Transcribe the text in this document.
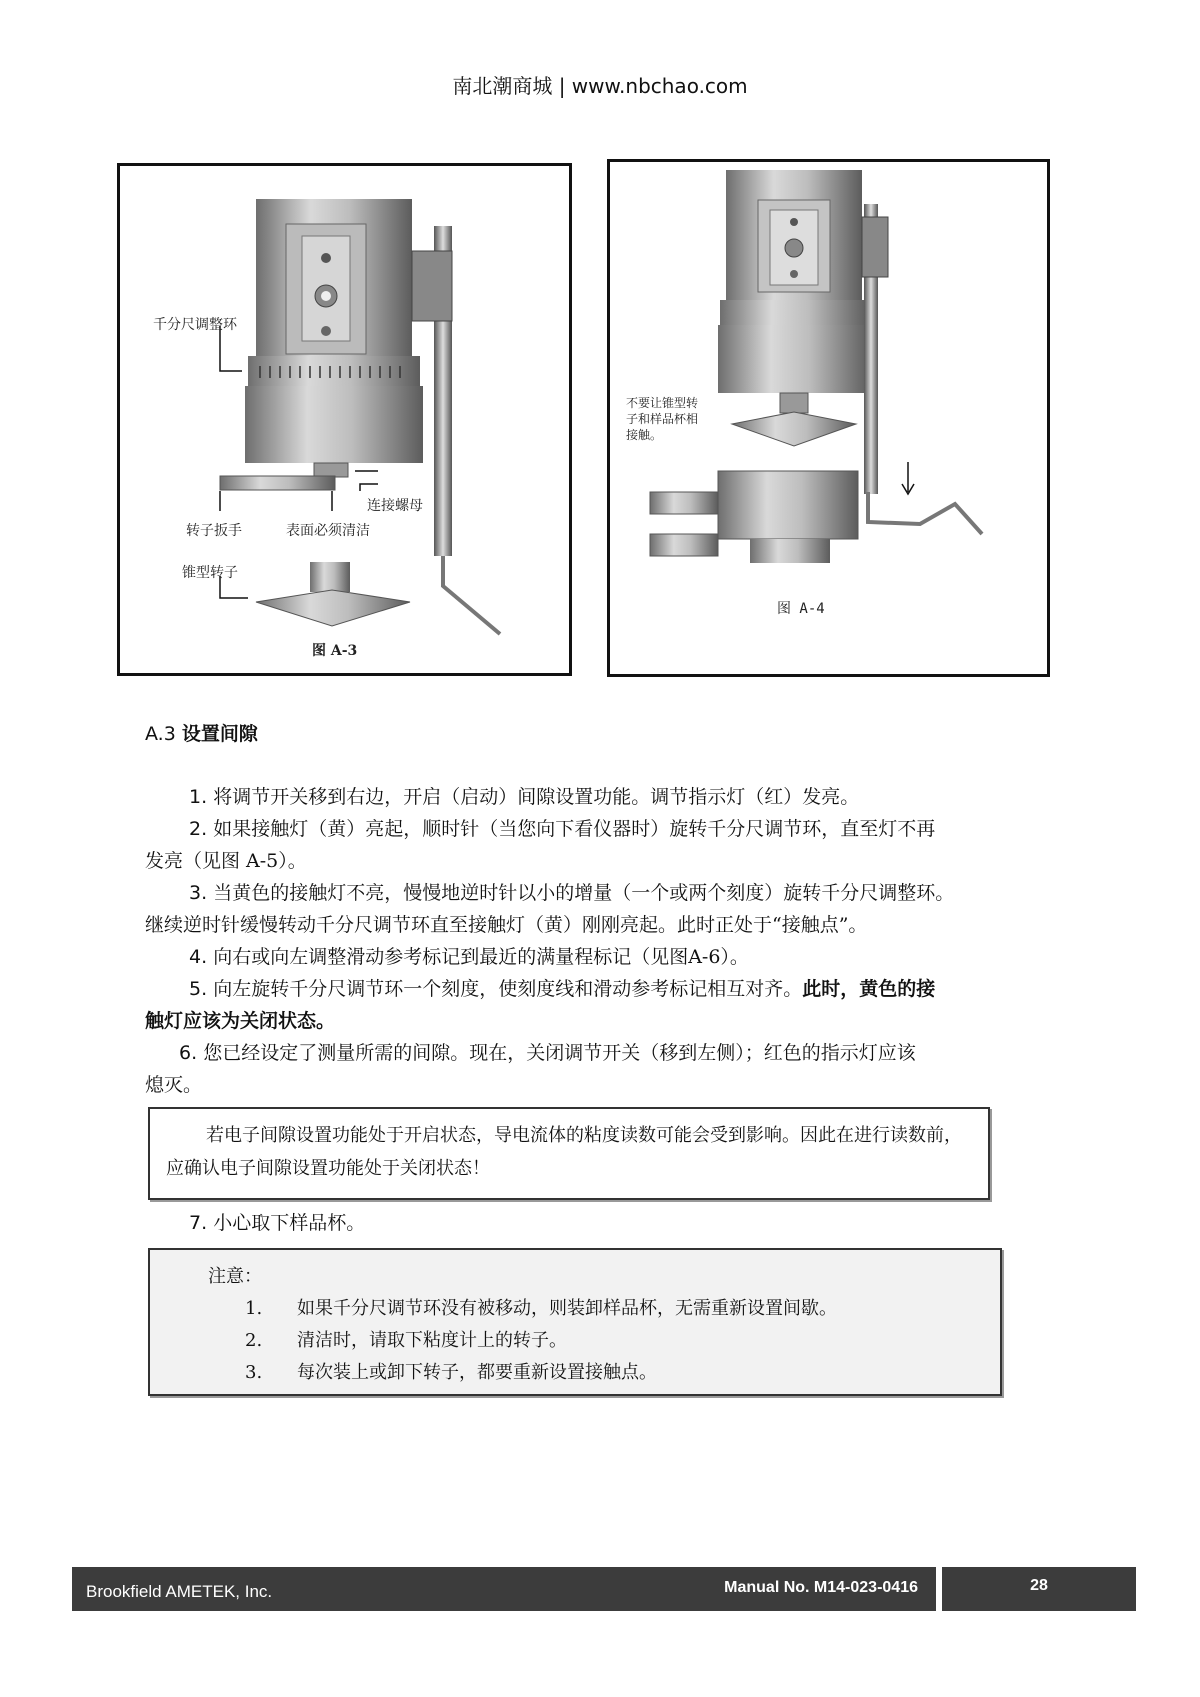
南北潮商城 | www.nbchao.com
千分尺调整环
连接螺母
转子扳手	表面必须清洁
锥型转子
图 A-3
不要让锥型转
子和样品杯相
接触。
图 A-4
A.3 设置间隙
1. 将调节开关移到右边，开启（启动）间隙设置功能。调节指示灯（红）发亮。
2. 如果接触灯（黄）亮起，顺时针（当您向下看仪器时）旋转千分尺调节环，直至灯不再
发亮（见图 A-5）。
3. 当黄色的接触灯不亮，慢慢地逆时针以小的增量（一个或两个刻度）旋转千分尺调整环。
继续逆时针缓慢转动千分尺调节环直至接触灯（黄）刚刚亮起。此时正处于“接触点”。
4. 向右或向左调整滑动参考标记到最近的满量程标记（见图A-6）。
5. 向左旋转千分尺调节环一个刻度，使刻度线和滑动参考标记相互对齐。此时，黄色的接
触灯应该为关闭状态。
6. 您已经设定了测量所需的间隙。现在，关闭调节开关（移到左侧）；红色的指示灯应该
熄灭。

若电子间隙设置功能处于开启状态，导电流体的粘度读数可能会受到影响。因此在进行读数前，应确认电子间隙设置功能处于关闭状态！

7. 小心取下样品杯。
注意：
1. 如果千分尺调节环没有被移动，则装卸样品杯，无需重新设置间歇。
2. 清洁时，请取下粘度计上的转子。
3. 每次装上或卸下转子，都要重新设置接触点。
Brookfield AMETEK, Inc.	Manual No. M14-023-0416	28
